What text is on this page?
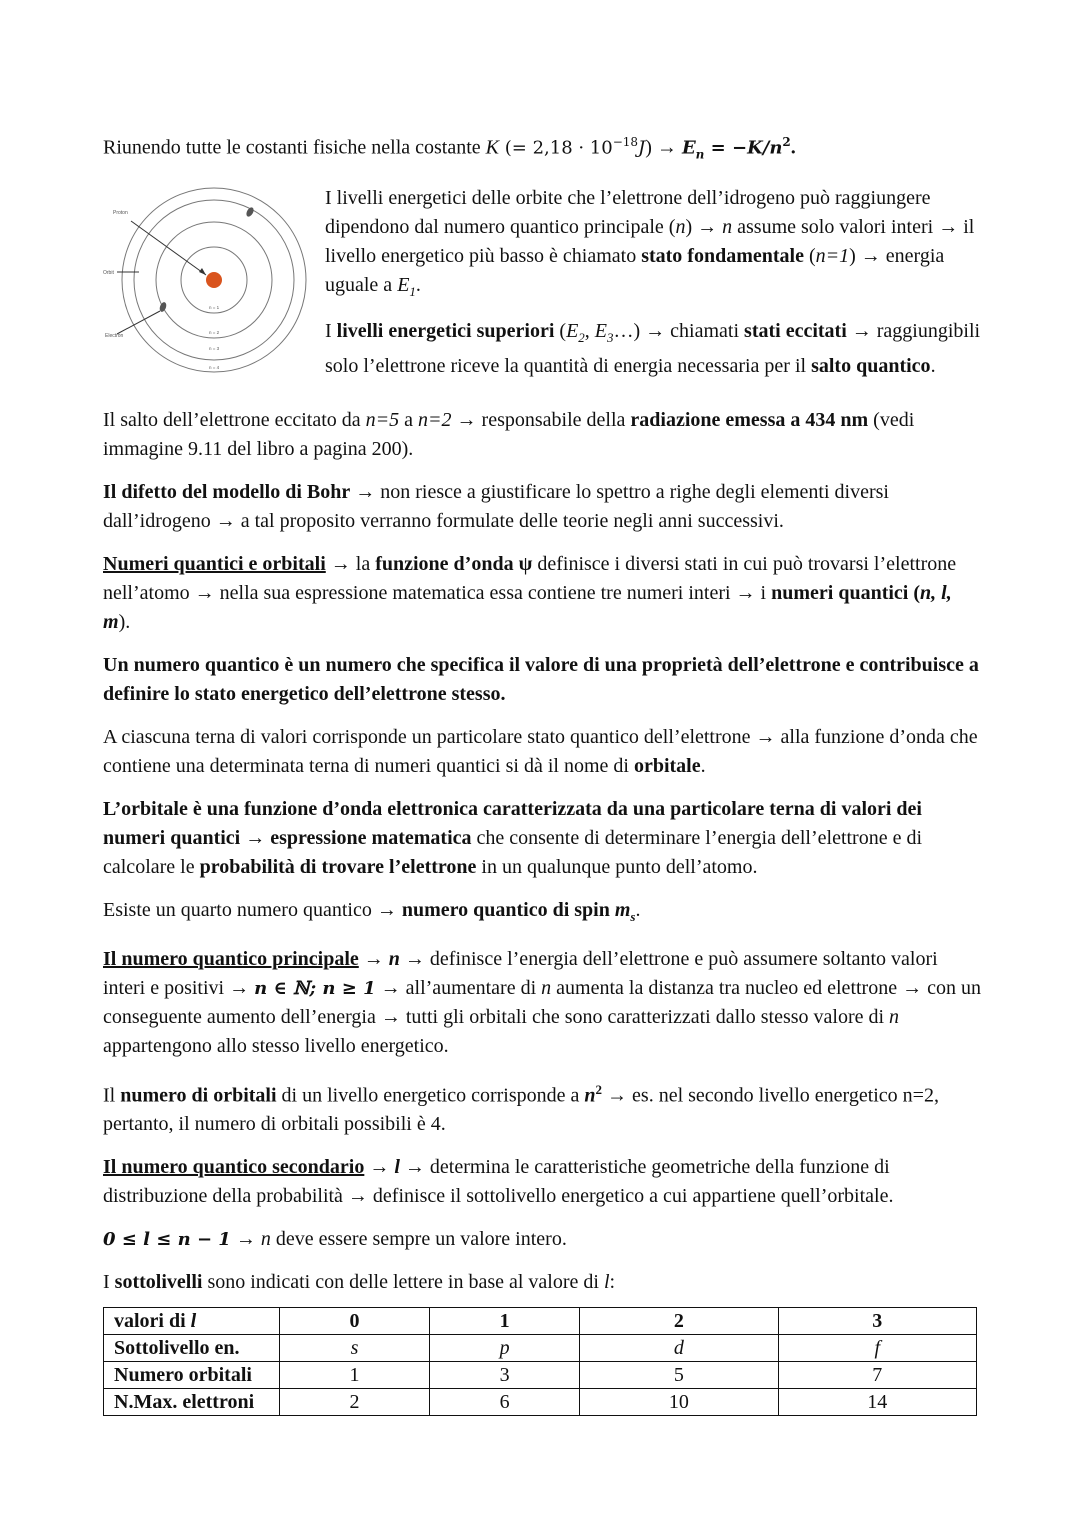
Riunendo tutte le costanti fisiche nella costante K (= $2,18 \cdot 10^{-18}J) \to E_n = -K/n^2$.

Proton
Orbit
Electron
n = 1
n = 2
n = 3
n = 4

I livelli energetici delle orbite che l’elettrone dell’idrogeno può raggiungere dipendono dal numero quantico principale (n) → n assume solo valori interi → il livello energetico più basso è chiamato stato fondamentale (n=1) → energia uguale a $E_1$.

I livelli energetici superiori ($E_2$, $E_3\dots$) → chiamati stati eccitati → raggiungibili solo l’elettrone riceve la quantità di energia necessaria per il salto quantico.

Il salto dell’elettrone eccitato da n=5 a n=2 → responsabile della radiazione emessa a 434 nm (vedi immagine 9.11 del libro a pagina 200).

Il difetto del modello di Bohr → non riesce a giustificare lo spettro a righe degli elementi diversi dall’idrogeno → a tal proposito verranno formulate delle teorie negli anni successivi.

Numeri quantici e orbitali → la funzione d’onda ψ definisce i diversi stati in cui può trovarsi l’elettrone nell’atomo → nella sua espressione matematica essa contiene tre numeri interi → i numeri quantici (n, l, m).

Un numero quantico è un numero che specifica il valore di una proprietà dell’elettrone e contribuisce a definire lo stato energetico dell’elettrone stesso.

A ciascuna terna di valori corrisponde un particolare stato quantico dell’elettrone → alla funzione d’onda che contiene una determinata terna di numeri quantici si dà il nome di orbitale.

L’orbitale è una funzione d’onda elettronica caratterizzata da una particolare terna di valori dei numeri quantici → espressione matematica che consente di determinare l’energia dell’elettrone e di calcolare le probabilità di trovare l’elettrone in un qualunque punto dell’atomo.

Esiste un quarto numero quantico → numero quantico di spin $m_s$.

Il numero quantico principale → n → definisce l’energia dell’elettrone e può assumere soltanto valori interi e positivi → n ∈ ℕ; n ≥ 1 → all’aumentare di n aumenta la distanza tra nucleo ed elettrone → con un conseguente aumento dell’energia → tutti gli orbitali che sono caratterizzati dallo stesso valore di n appartengono allo stesso livello energetico.

Il numero di orbitali di un livello energetico corrisponde a $n^2$ → es. nel secondo livello energetico n=2, pertanto, il numero di orbitali possibili è 4.

Il numero quantico secondario → l → determina le caratteristiche geometriche della funzione di distribuzione della probabilità → definisce il sottolivello energetico a cui appartiene quell’orbitale.

0 ≤ l ≤ n − 1 → n deve essere sempre un valore intero.

I sottolivelli sono indicati con delle lettere in base al valore di l:

valori di l	0	1	2	3
Sottolivello en.	s	p	d	f
Numero orbitali	1	3	5	7
N.Max. elettroni	2	6	10	14
